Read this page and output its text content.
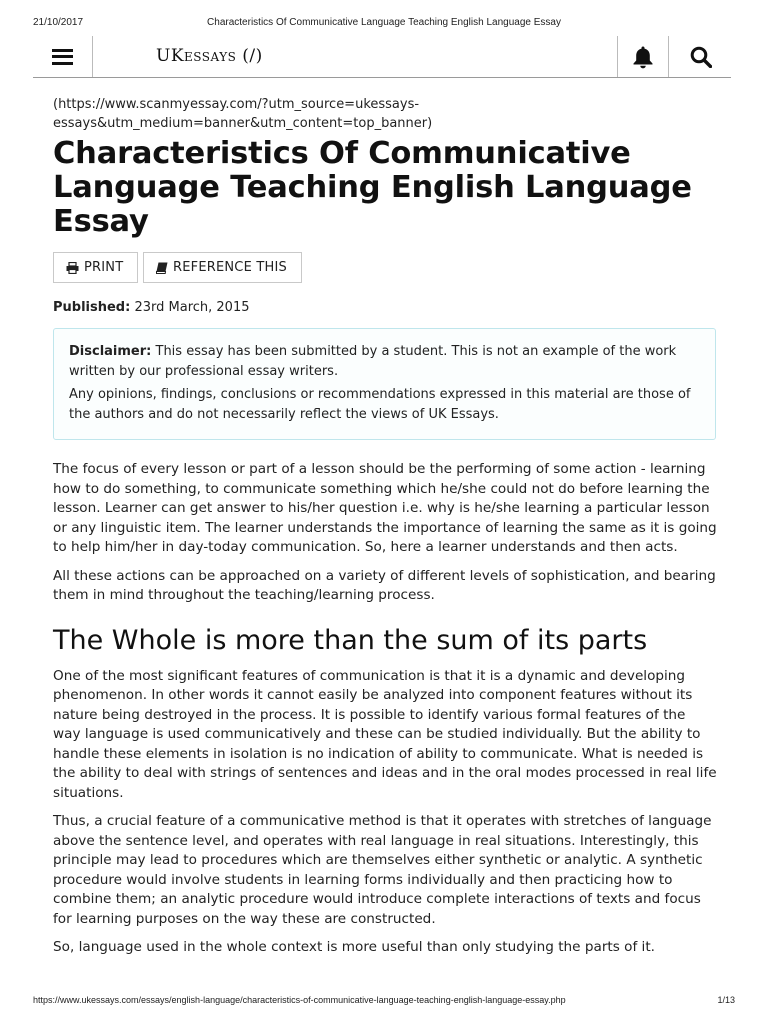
21/10/2017	Characteristics Of Communicative Language Teaching English Language Essay
UKessays (/)

(https://www.scanmyessay.com/?utm_source=ukessays-essays&utm_medium=banner&utm_content=top_banner)

Characteristics Of Communicative Language Teaching English Language Essay
PRINT	REFERENCE THIS
Published: 23rd March, 2015

Disclaimer: This essay has been submitted by a student. This is not an example of the work written by our professional essay writers.

Any opinions, findings, conclusions or recommendations expressed in this material are those of the authors and do not necessarily reflect the views of UK Essays.

The focus of every lesson or part of a lesson should be the performing of some action - learning how to do something, to communicate something which he/she could not do before learning the lesson. Learner can get answer to his/her question i.e. why is he/she learning a particular lesson or any linguistic item. The learner understands the importance of learning the same as it is going to help him/her in day-today communication. So, here a learner understands and then acts.

All these actions can be approached on a variety of different levels of sophistication, and bearing them in mind throughout the teaching/learning process.

The Whole is more than the sum of its parts

One of the most significant features of communication is that it is a dynamic and developing phenomenon. In other words it cannot easily be analyzed into component features without its nature being destroyed in the process. It is possible to identify various formal features of the way language is used communicatively and these can be studied individually. But the ability to handle these elements in isolation is no indication of ability to communicate. What is needed is the ability to deal with strings of sentences and ideas and in the oral modes processed in real life situations.

Thus, a crucial feature of a communicative method is that it operates with stretches of language above the sentence level, and operates with real language in real situations. Interestingly, this principle may lead to procedures which are themselves either synthetic or analytic. A synthetic procedure would involve students in learning forms individually and then practicing how to combine them; an analytic procedure would introduce complete interactions of texts and focus for learning purposes on the way these are constructed.

So, language used in the whole context is more useful than only studying the parts of it.

https://www.ukessays.com/essays/english-language/characteristics-of-communicative-language-teaching-english-language-essay.php	1/13
